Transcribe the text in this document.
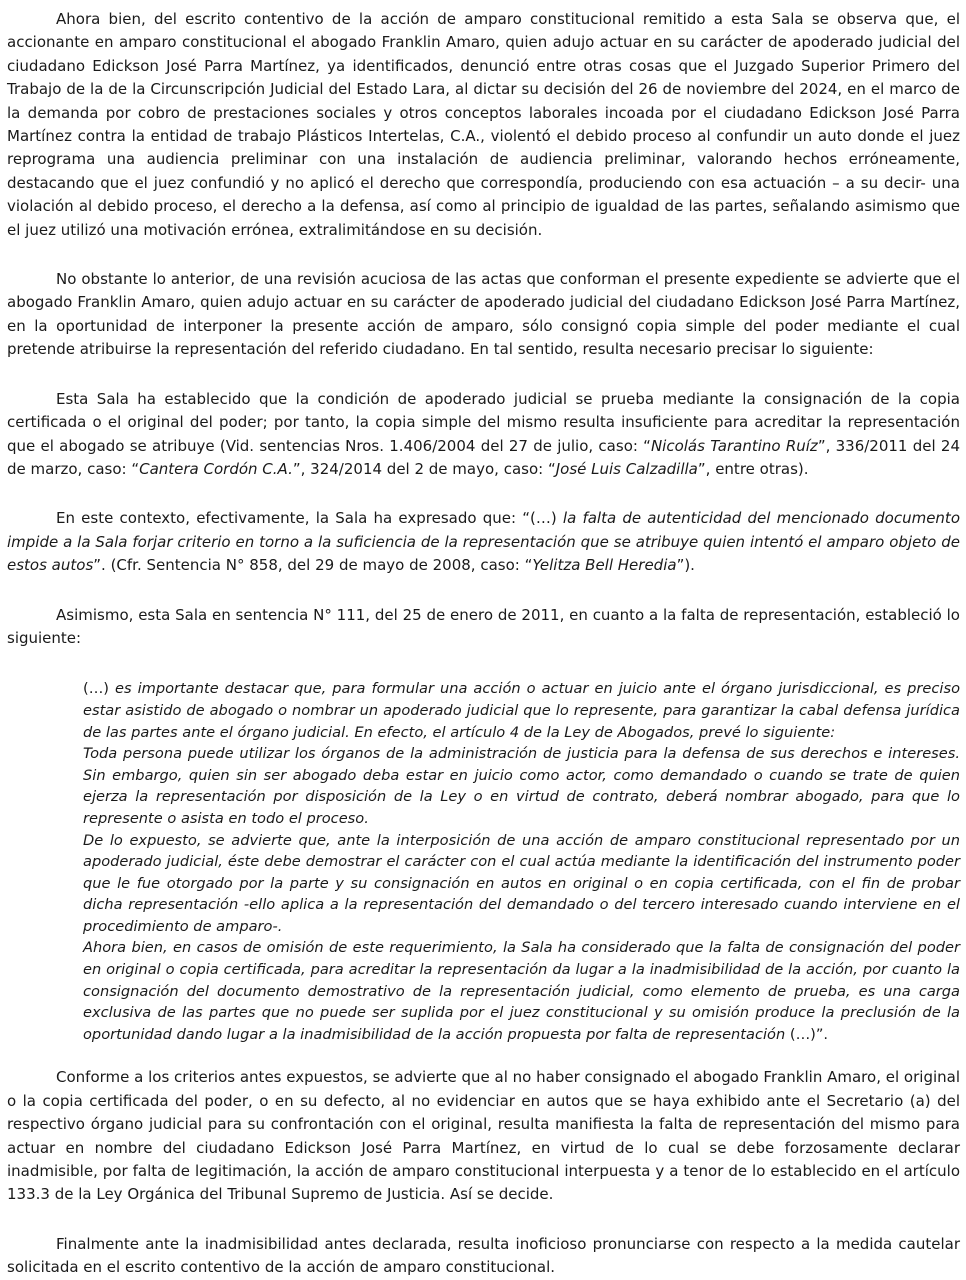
Ahora bien, del escrito contentivo de la acción de amparo constitucional remitido a esta Sala se observa que, el accionante en amparo constitucional el abogado Franklin Amaro, quien adujo actuar en su carácter de apoderado judicial del ciudadano Edickson José Parra Martínez, ya identificados, denunció entre otras cosas que el Juzgado Superior Primero del Trabajo de la de la Circunscripción Judicial del Estado Lara, al dictar su decisión del 26 de noviembre del 2024, en el marco de la demanda por cobro de prestaciones sociales y otros conceptos laborales incoada por el ciudadano Edickson José Parra Martínez contra la entidad de trabajo Plásticos Intertelas, C.A., violentó el debido proceso al confundir un auto donde el juez reprograma una audiencia preliminar con una instalación de audiencia preliminar, valorando hechos erróneamente, destacando que el juez confundió y no aplicó el derecho que correspondía, produciendo con esa actuación – a su decir- una violación al debido proceso, el derecho a la defensa, así como al principio de igualdad de las partes, señalando asimismo que el juez utilizó una motivación errónea, extralimitándose en su decisión.

No obstante lo anterior, de una revisión acuciosa de las actas que conforman el presente expediente se advierte que el abogado Franklin Amaro, quien adujo actuar en su carácter de apoderado judicial del ciudadano Edickson José Parra Martínez, en la oportunidad de interponer la presente acción de amparo, sólo consignó copia simple del poder mediante el cual pretende atribuirse la representación del referido ciudadano. En tal sentido, resulta necesario precisar lo siguiente:

Esta Sala ha establecido que la condición de apoderado judicial se prueba mediante la consignación de la copia certificada o el original del poder; por tanto, la copia simple del mismo resulta insuficiente para acreditar la representación que el abogado se atribuye (Vid. sentencias Nros. 1.406/2004 del 27 de julio, caso: “Nicolás Tarantino Ruíz”, 336/2011 del 24 de marzo, caso: “Cantera Cordón C.A.”, 324/2014 del 2 de mayo, caso: “José Luis Calzadilla”, entre otras).

En este contexto, efectivamente, la Sala ha expresado que: “(…) la falta de autenticidad del mencionado documento impide a la Sala forjar criterio en torno a la suficiencia de la representación que se atribuye quien intentó el amparo objeto de estos autos”. (Cfr. Sentencia N° 858, del 29 de mayo de 2008, caso: “Yelitza Bell Heredia”).

Asimismo, esta Sala en sentencia N° 111, del 25 de enero de 2011, en cuanto a la falta de representación, estableció lo siguiente:

(…) es importante destacar que, para formular una acción o actuar en juicio ante el órgano jurisdiccional, es preciso estar asistido de abogado o nombrar un apoderado judicial que lo represente, para garantizar la cabal defensa jurídica de las partes ante el órgano judicial. En efecto, el artículo 4 de la Ley de Abogados, prevé lo siguiente:

Toda persona puede utilizar los órganos de la administración de justicia para la defensa de sus derechos e intereses. Sin embargo, quien sin ser abogado deba estar en juicio como actor, como demandado o cuando se trate de quien ejerza la representación por disposición de la Ley o en virtud de contrato, deberá nombrar abogado, para que lo represente o asista en todo el proceso.

De lo expuesto, se advierte que, ante la interposición de una acción de amparo constitucional representado por un apoderado judicial, éste debe demostrar el carácter con el cual actúa mediante la identificación del instrumento poder que le fue otorgado por la parte y su consignación en autos en original o en copia certificada, con el fin de probar dicha representación -ello aplica a la representación del demandado o del tercero interesado cuando interviene en el procedimiento de amparo-.

Ahora bien, en casos de omisión de este requerimiento, la Sala ha considerado que la falta de consignación del poder en original o copia certificada, para acreditar la representación da lugar a la inadmisibilidad de la acción, por cuanto la consignación del documento demostrativo de la representación judicial, como elemento de prueba, es una carga exclusiva de las partes que no puede ser suplida por el juez constitucional y su omisión produce la preclusión de la oportunidad dando lugar a la inadmisibilidad de la acción propuesta por falta de representación (…)”.

Conforme a los criterios antes expuestos, se advierte que al no haber consignado el abogado Franklin Amaro, el original o la copia certificada del poder, o en su defecto, al no evidenciar en autos que se haya exhibido ante el Secretario (a) del respectivo órgano judicial para su confrontación con el original, resulta manifiesta la falta de representación del mismo para actuar en nombre del ciudadano Edickson José Parra Martínez, en virtud de lo cual se debe forzosamente declarar inadmisible, por falta de legitimación, la acción de amparo constitucional interpuesta y a tenor de lo establecido en el artículo 133.3 de la Ley Orgánica del Tribunal Supremo de Justicia. Así se decide.

Finalmente ante la inadmisibilidad antes declarada, resulta inoficioso pronunciarse con respecto a la medida cautelar solicitada en el escrito contentivo de la acción de amparo constitucional.
